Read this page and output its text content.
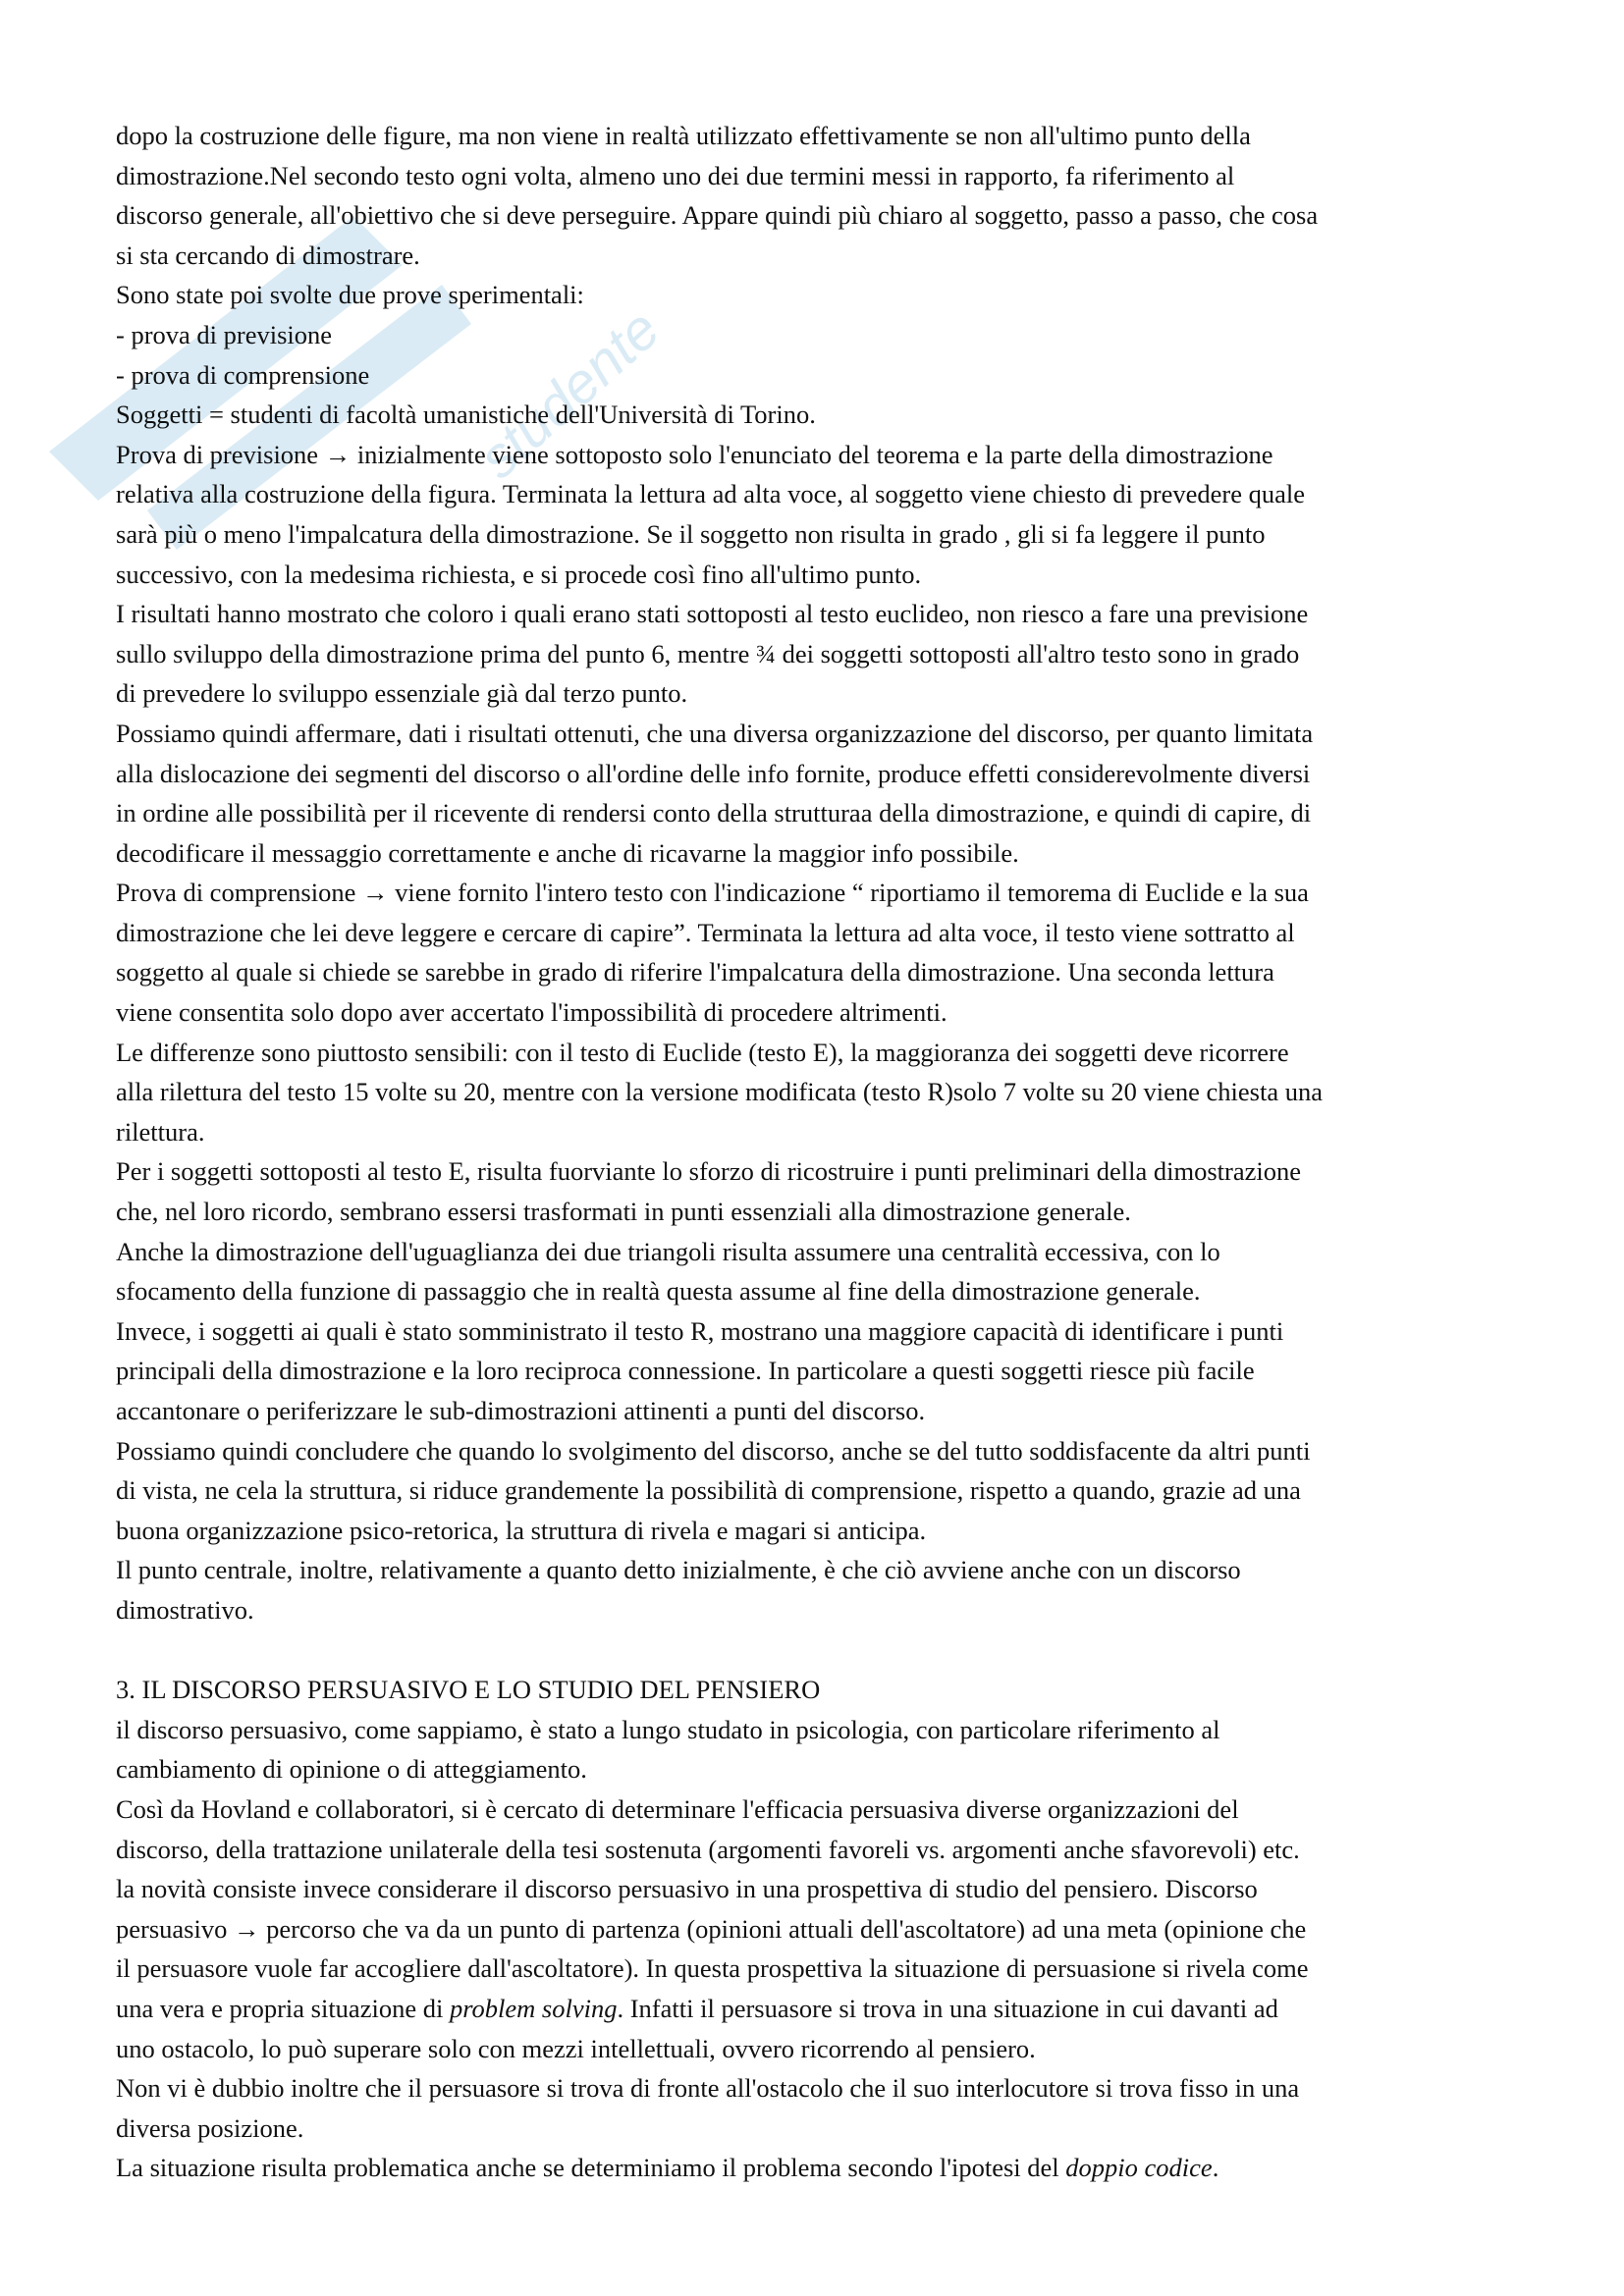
studente
dopo la costruzione delle figure, ma non viene in realtà utilizzato effettivamente se non all'ultimo punto della
dimostrazione.Nel secondo testo ogni volta, almeno uno dei due termini messi in rapporto, fa riferimento al
discorso generale, all'obiettivo che si deve perseguire. Appare quindi più chiaro al soggetto, passo a passo, che cosa
si sta cercando di dimostrare.
Sono state poi svolte due prove sperimentali:
- prova di previsione
- prova di comprensione
Soggetti = studenti di facoltà umanistiche dell'Università di Torino.
Prova di previsione → inizialmente viene sottoposto solo l'enunciato del teorema e la parte della dimostrazione
relativa alla costruzione della figura. Terminata la lettura ad alta voce, al soggetto viene chiesto di prevedere quale
sarà più o meno l'impalcatura della dimostrazione. Se il soggetto non risulta in grado , gli si fa leggere il punto
successivo, con la medesima richiesta, e si procede così fino all'ultimo punto.
I risultati hanno mostrato che coloro i quali erano stati sottoposti al testo euclideo, non riesco a fare una previsione
sullo sviluppo della dimostrazione prima del punto 6, mentre ¾ dei soggetti sottoposti all'altro testo sono in grado
di prevedere lo sviluppo essenziale già dal terzo punto.
Possiamo quindi affermare, dati i risultati ottenuti, che una diversa organizzazione del discorso, per quanto limitata
alla dislocazione dei segmenti del discorso o all'ordine delle info fornite, produce effetti considerevolmente diversi
in ordine alle possibilità per il ricevente di rendersi conto della strutturaa della dimostrazione, e quindi di capire, di
decodificare il messaggio correttamente e anche di ricavarne la maggior info possibile.
Prova di comprensione → viene fornito l'intero testo con l'indicazione “ riportiamo il temorema di Euclide e la sua
dimostrazione che lei deve leggere e cercare di capire”. Terminata la lettura ad alta voce, il testo viene sottratto al
soggetto al quale si chiede se sarebbe in grado di riferire l'impalcatura della dimostrazione. Una seconda lettura
viene consentita solo dopo aver accertato l'impossibilità di procedere altrimenti.
Le differenze sono piuttosto sensibili: con il testo di Euclide (testo E), la maggioranza dei soggetti deve ricorrere
alla rilettura del testo 15 volte su 20, mentre con la versione modificata (testo R)solo 7 volte su 20 viene chiesta una
rilettura.
Per i soggetti sottoposti al testo E, risulta fuorviante lo sforzo di ricostruire i punti preliminari della dimostrazione
che, nel loro ricordo, sembrano essersi trasformati in punti essenziali alla dimostrazione generale.
Anche la dimostrazione dell'uguaglianza dei due triangoli risulta assumere una centralità eccessiva, con lo
sfocamento della funzione di passaggio che in realtà questa assume al fine della dimostrazione generale.
Invece, i soggetti ai quali è stato somministrato il testo R, mostrano una maggiore capacità di identificare i punti
principali della dimostrazione e la loro reciproca connessione. In particolare a questi soggetti riesce più facile
accantonare o periferizzare le sub-dimostrazioni attinenti a punti del discorso.
Possiamo quindi concludere che quando lo svolgimento del discorso, anche se del tutto soddisfacente da altri punti
di vista, ne cela la struttura, si riduce grandemente la possibilità di comprensione, rispetto a quando, grazie ad una
buona organizzazione psico-retorica, la struttura di rivela e magari si anticipa.
Il punto centrale, inoltre, relativamente a quanto detto inizialmente, è che ciò avviene anche con un discorso
dimostrativo.
3. IL DISCORSO PERSUASIVO E LO STUDIO DEL PENSIERO
il discorso persuasivo, come sappiamo, è stato a lungo studato in psicologia, con particolare riferimento al
cambiamento di opinione o di atteggiamento.
Così da Hovland e collaboratori, si è cercato di determinare l'efficacia persuasiva diverse organizzazioni del
discorso, della trattazione unilaterale della tesi sostenuta (argomenti favoreli vs. argomenti anche sfavorevoli) etc.
la novità consiste invece considerare il discorso persuasivo in una prospettiva di studio del pensiero. Discorso
persuasivo → percorso che va da un punto di partenza (opinioni attuali dell'ascoltatore) ad una meta (opinione che
il persuasore vuole far accogliere dall'ascoltatore). In questa prospettiva la situazione di persuasione si rivela come
una vera e propria situazione di problem solving. Infatti il persuasore si trova in una situazione in cui davanti ad
uno ostacolo, lo può superare solo con mezzi intellettuali, ovvero ricorrendo al pensiero.
Non vi è dubbio inoltre che il persuasore si trova di fronte all'ostacolo che il suo interlocutore si trova fisso in una
diversa posizione.
La situazione risulta problematica anche se determiniamo il problema secondo l'ipotesi del doppio codice.
